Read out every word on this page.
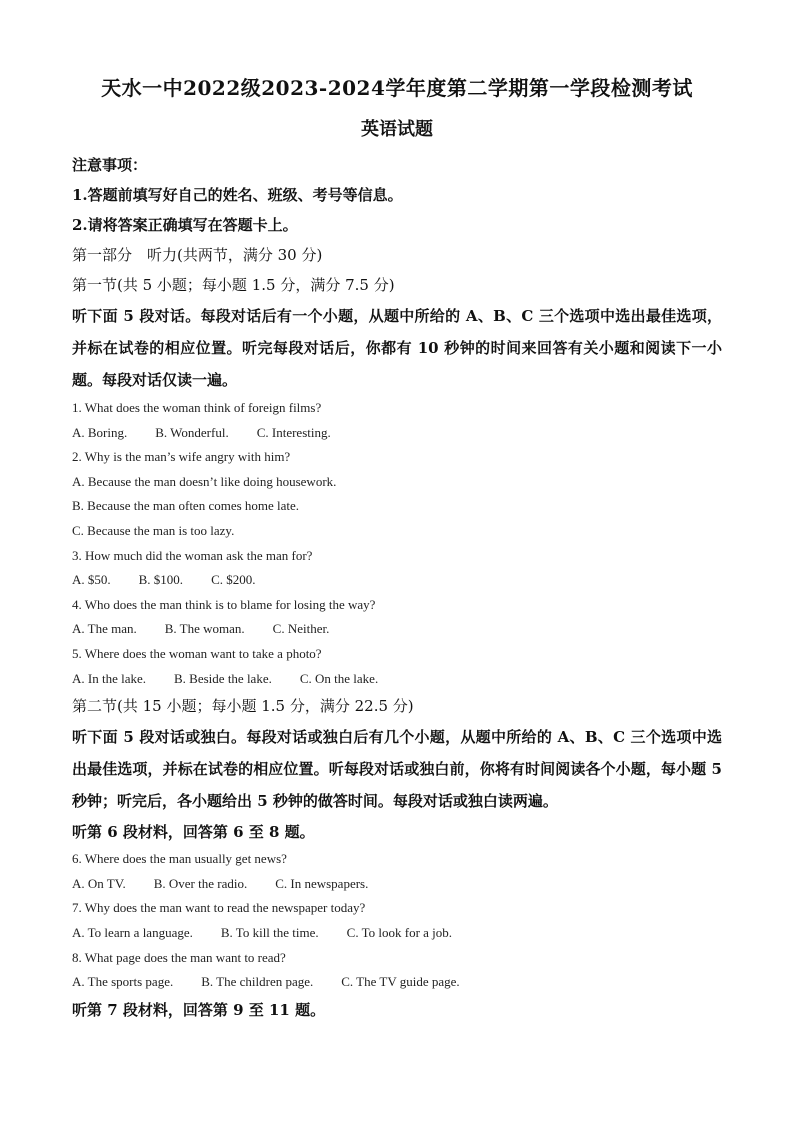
天水一中2022级2023-2024学年度第二学期第一学段检测考试
英语试题
注意事项：
1.答题前填写好自己的姓名、班级、考号等信息。
2.请将答案正确填写在答题卡上。
第一部分　听力(共两节，满分 30 分)
第一节(共 5 小题；每小题 1.5 分，满分 7.5 分)
听下面 5 段对话。每段对话后有一个小题，从题中所给的 A、B、C 三个选项中选出最佳选项，并标在试卷的相应位置。听完每段对话后，你都有 10 秒钟的时间来回答有关小题和阅读下一小题。每段对话仅读一遍。
1. What does the woman think of foreign films?
A. Boring. B. Wonderful. C. Interesting.
2. Why is the man’s wife angry with him?
A. Because the man doesn’t like doing housework.
B. Because the man often comes home late.
C. Because the man is too lazy.
3. How much did the woman ask the man for?
A. $50. B. $100. C. $200.
4. Who does the man think is to blame for losing the way?
A. The man. B. The woman. C. Neither.
5. Where does the woman want to take a photo?
A. In the lake. B. Beside the lake. C. On the lake.
第二节(共 15 小题；每小题 1.5 分，满分 22.5 分)
听下面 5 段对话或独白。每段对话或独白后有几个小题，从题中所给的 A、B、C 三个选项中选出最佳选项，并标在试卷的相应位置。听每段对话或独白前，你将有时间阅读各个小题，每小题 5 秒钟；听完后，各小题给出 5 秒钟的做答时间。每段对话或独白读两遍。
听第 6 段材料，回答第 6 至 8 题。
6. Where does the man usually get news?
A. On TV. B. Over the radio. C. In newspapers.
7. Why does the man want to read the newspaper today?
A. To learn a language. B. To kill the time. C. To look for a job.
8. What page does the man want to read?
A. The sports page. B. The children page. C. The TV guide page.
听第 7 段材料，回答第 9 至 11 题。
